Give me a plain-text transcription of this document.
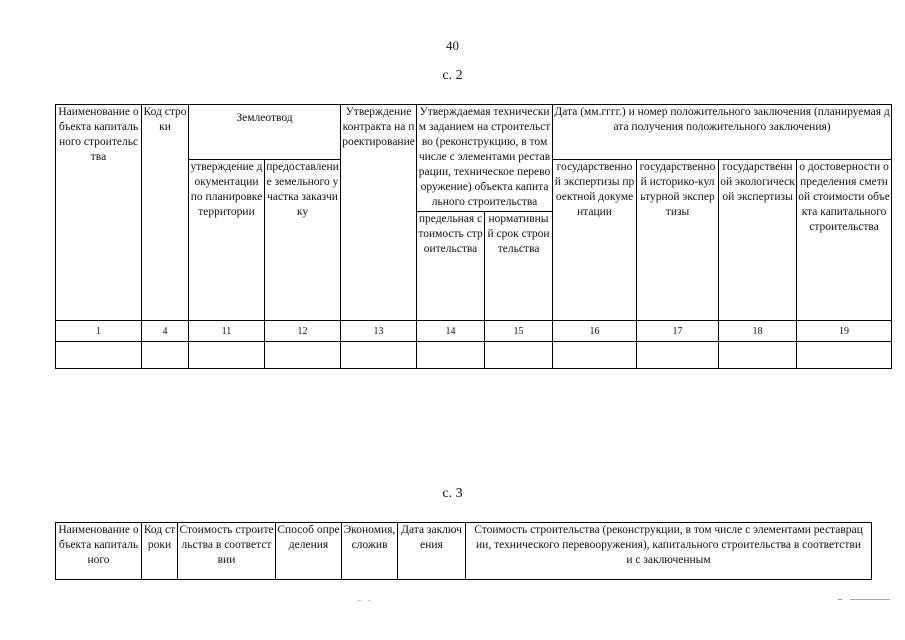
40
с. 2
Наименование объекта капитального строительства	Код строки	Землеотвод		Утверждение контракта на проектирование	Утверждаемая техническим заданием на строительство (реконструкцию, в том числе с элементами реставрации, техническое перевооружение) объекта капитального строительства		Дата (мм.гггг.) и номер положительного заключения (планируемая дата получения положительного заключения)			
		утверждение документации по планировке территории	предоставление земельного участка заказчику				государственной экспертизы проектной документации	государственной историко-культурной экспертизы	государственной экологической экспертизы	о достоверности определения сметной стоимости объекта капитального строительства
					предельная стоимость строительства	нормативный срок строительства				
1	4	11	12	13	14	15	16	17	18	19

с. 3
Наименование объекта капитального	Код строки	Стоимость строительства в соответствии	Способ определения	Экономия, сложив	Дата заключения	Стоимость строительства (реконструкции, в том числе с элементами реставрации, технического перевооружения), капитального строительства в соответствии с заключенным
